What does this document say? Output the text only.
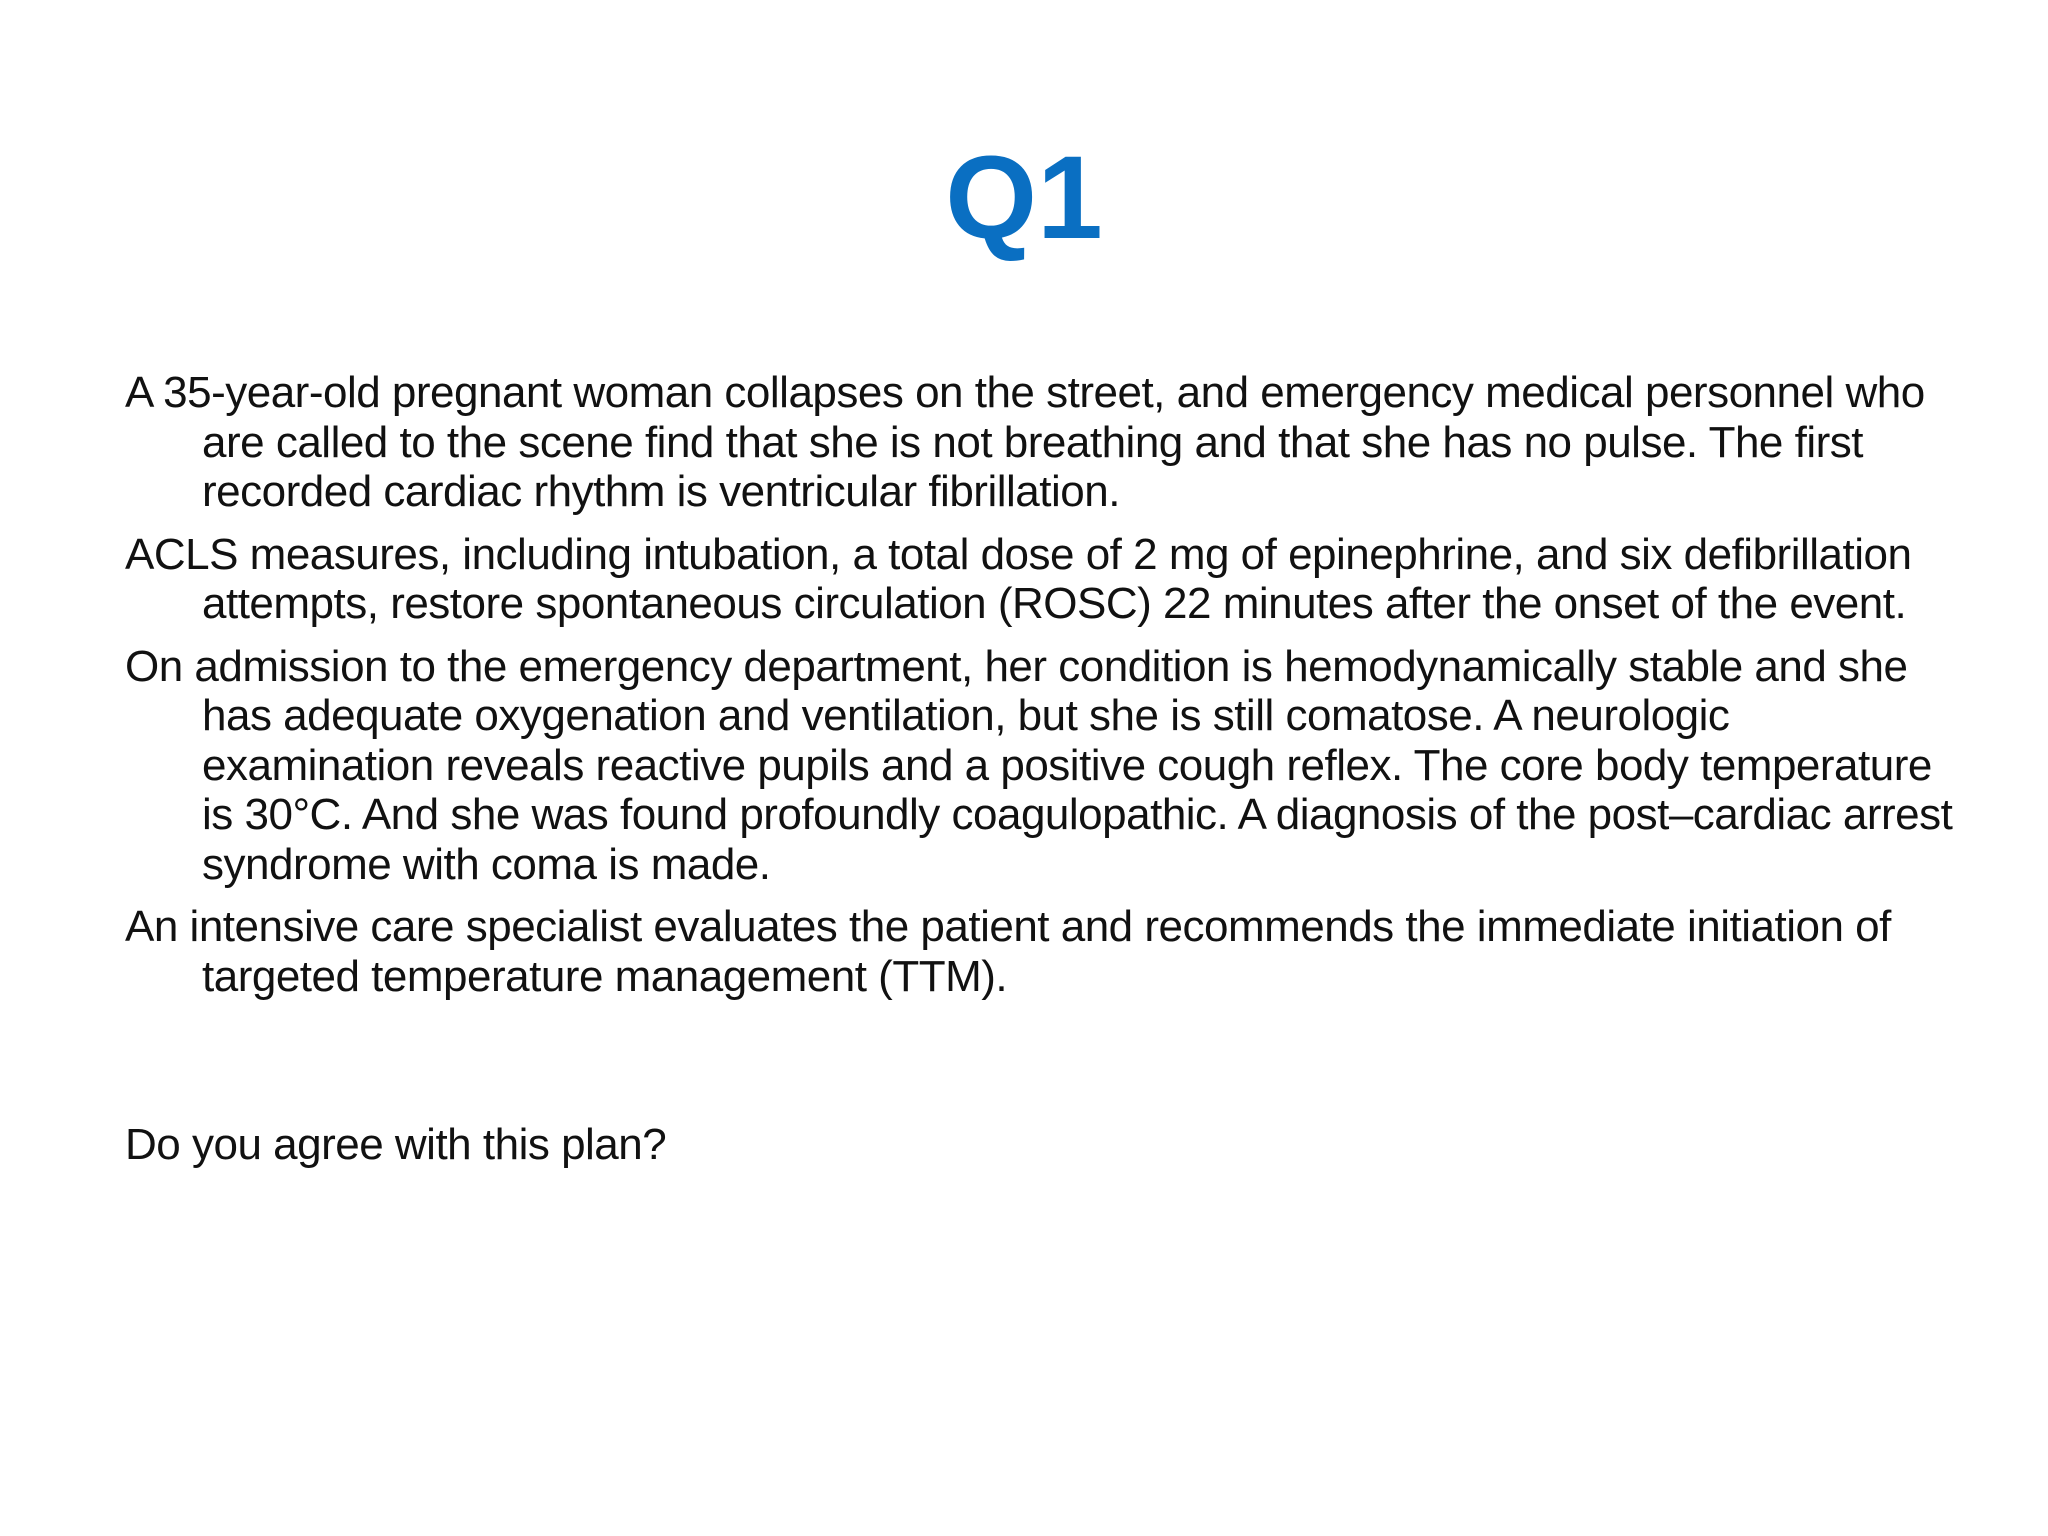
Q1

A 35-year-old pregnant woman collapses on the street, and emergency medical personnel who are called to the scene find that she is not breathing and that she has no pulse. The first recorded cardiac rhythm is ventricular fibrillation.

ACLS measures, including intubation, a total dose of 2 mg of epinephrine, and six defibrillation attempts, restore spontaneous circulation (ROSC) 22 minutes after the onset of the event.

On admission to the emergency department, her condition is hemodynamically stable and she has adequate oxygenation and ventilation, but she is still comatose. A neurologic examination reveals reactive pupils and a positive cough reflex. The core body temperature is 30°C. And she was found profoundly coagulopathic. A diagnosis of the post–cardiac arrest syndrome with coma is made.

An intensive care specialist evaluates the patient and recommends the immediate initiation of targeted temperature management (TTM).

Do you agree with this plan?
